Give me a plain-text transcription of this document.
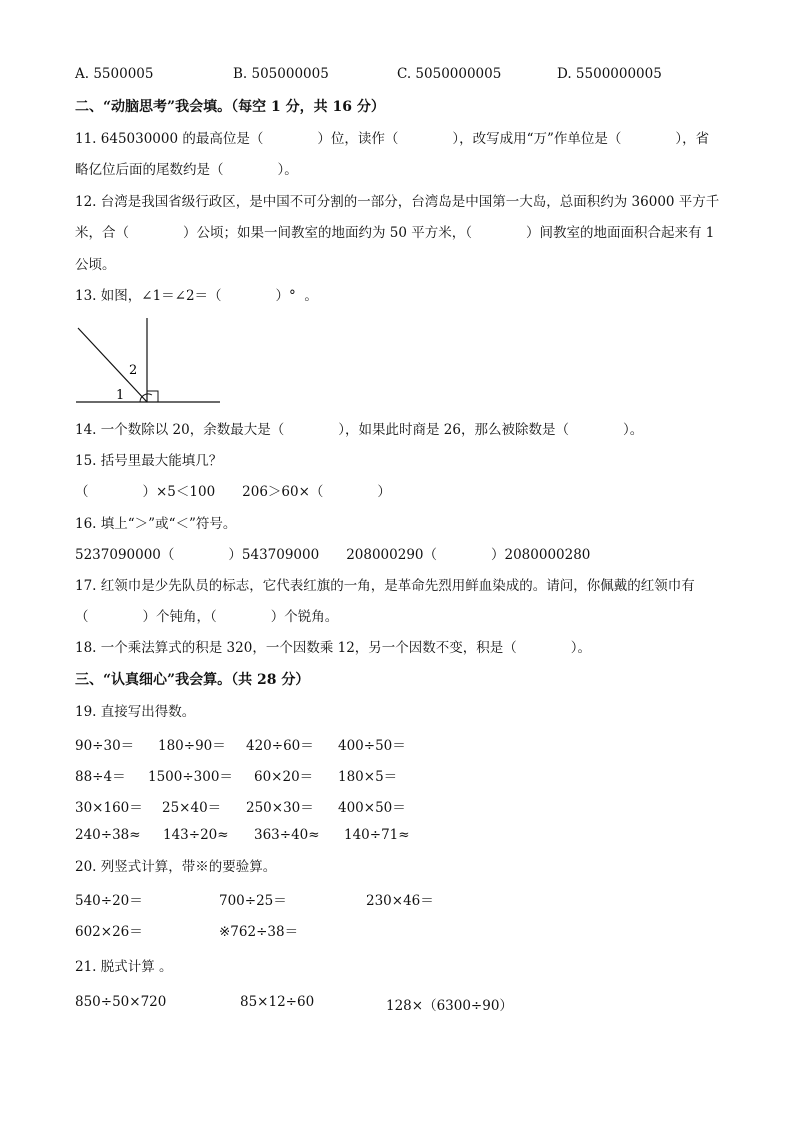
A. 5500005	B. 505000005	C. 5050000005	D. 5500000005
二、“动脑思考”我会填。（每空 1 分，共 16 分）
11. 645030000 的最高位是（　　　　）位，读作（　　　　），改写成用“万”作单位是（　　　　），省
略亿位后面的尾数约是（　　　　）。
12. 台湾是我国省级行政区，是中国不可分割的一部分，台湾岛是中国第一大岛，总面积约为 36000 平方千
米，合（　　　　）公顷；如果一间教室的地面约为 50 平方米，（　　　　）间教室的地面面积合起来有 1
公顷。
13. 如图，∠1＝∠2＝（　　　　）°  。
1
2
14. 一个数除以 20，余数最大是（　　　　），如果此时商是 26，那么被除数是（　　　　）。
15. 括号里最大能填几？
（　　　　）×5＜100　　206＞60×（　　　　）
16. 填上“＞”或“＜”符号。
5237090000（　　　　）543709000　　208000290（　　　　）2080000280
17. 红领巾是少先队员的标志，它代表红旗的一角，是革命先烈用鲜血染成的。请问，你佩戴的红领巾有
（　　　　）个钝角，（　　　　）个锐角。
18. 一个乘法算式的积是 320，一个因数乘 12，另一个因数不变，积是（　　　　）。
三、“认真细心”我会算。（共 28 分）
19. 直接写出得数。
90÷30＝ 180÷90＝ 420÷60＝ 400÷50＝
88÷4＝ 1500÷300＝ 60×20＝ 180×5＝
30×160＝ 25×40＝ 250×30＝ 400×50＝
240÷38≈ 143÷20≈ 363÷40≈ 140÷71≈
20. 列竖式计算，带※的要验算。
540÷20＝	700÷25＝	230×46＝
602×26＝	※762÷38＝
21. 脱式计算 。
850÷50×720	85×12÷60	128×（6300÷90）
